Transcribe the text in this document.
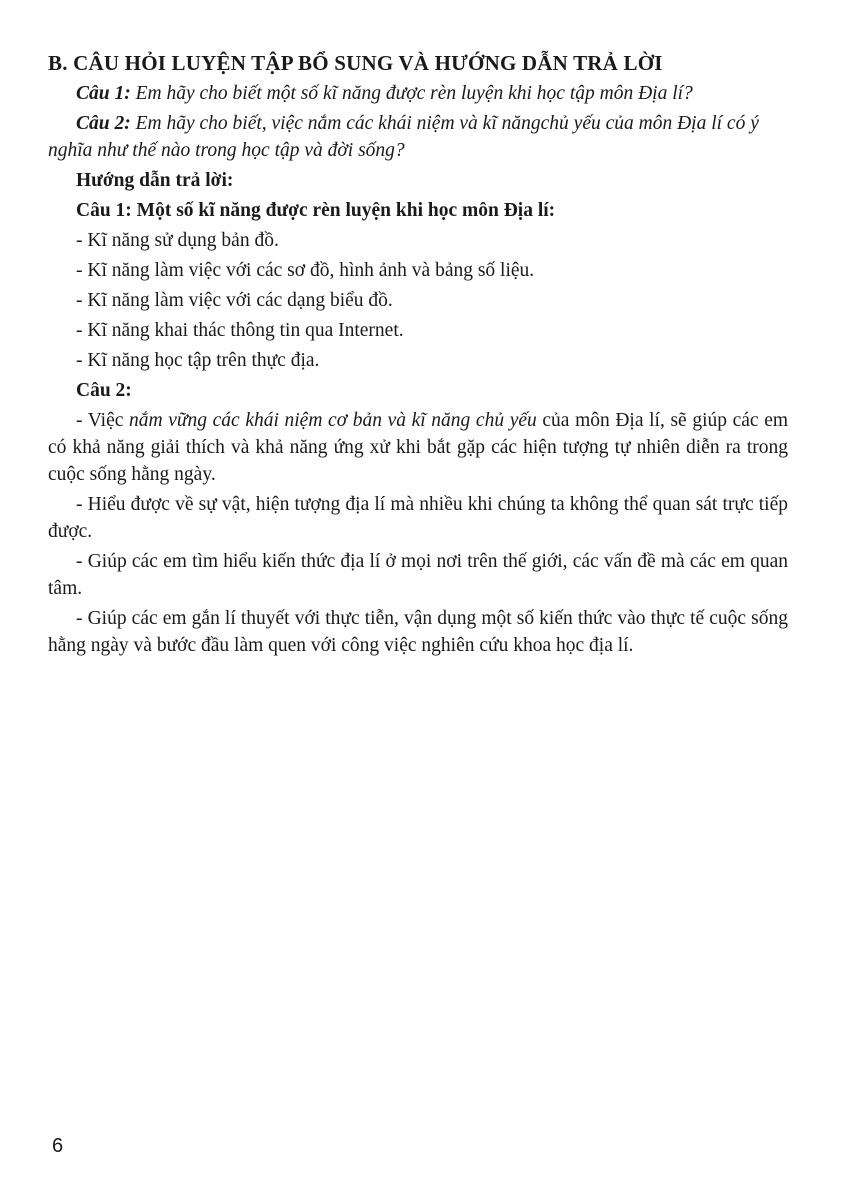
B. CÂU HỎI LUYỆN TẬP BỔ SUNG VÀ HƯỚNG DẪN TRẢ LỜI
Câu 1: Em hãy cho biết một số kĩ năng được rèn luyện khi học tập môn Địa lí?
Câu 2: Em hãy cho biết, việc nắm các khái niệm và kĩ năngchủ yếu của môn Địa lí có ý nghĩa như thế nào trong học tập và đời sống?
Hướng dẫn trả lời:
Câu 1: Một số kĩ năng được rèn luyện khi học môn Địa lí:
- Kĩ năng sử dụng bản đồ.
- Kĩ năng làm việc với các sơ đồ, hình ảnh và bảng số liệu.
- Kĩ năng làm việc với các dạng biểu đồ.
- Kĩ năng khai thác thông tin qua Internet.
- Kĩ năng học tập trên thực địa.
Câu 2:
- Việc nắm vững các khái niệm cơ bản và kĩ năng chủ yếu của môn Địa lí, sẽ giúp các em có khả năng giải thích và khả năng ứng xử khi bắt gặp các hiện tượng tự nhiên diễn ra trong cuộc sống hằng ngày.
- Hiểu được về sự vật, hiện tượng địa lí mà nhiều khi chúng ta không thể quan sát trực tiếp được.
- Giúp các em tìm hiểu kiến thức địa lí ở mọi nơi trên thế giới, các vấn đề mà các em quan tâm.
- Giúp các em gắn lí thuyết với thực tiễn, vận dụng một số kiến thức vào thực tế cuộc sống hằng ngày và bước đầu làm quen với công việc nghiên cứu khoa học địa lí.
6
